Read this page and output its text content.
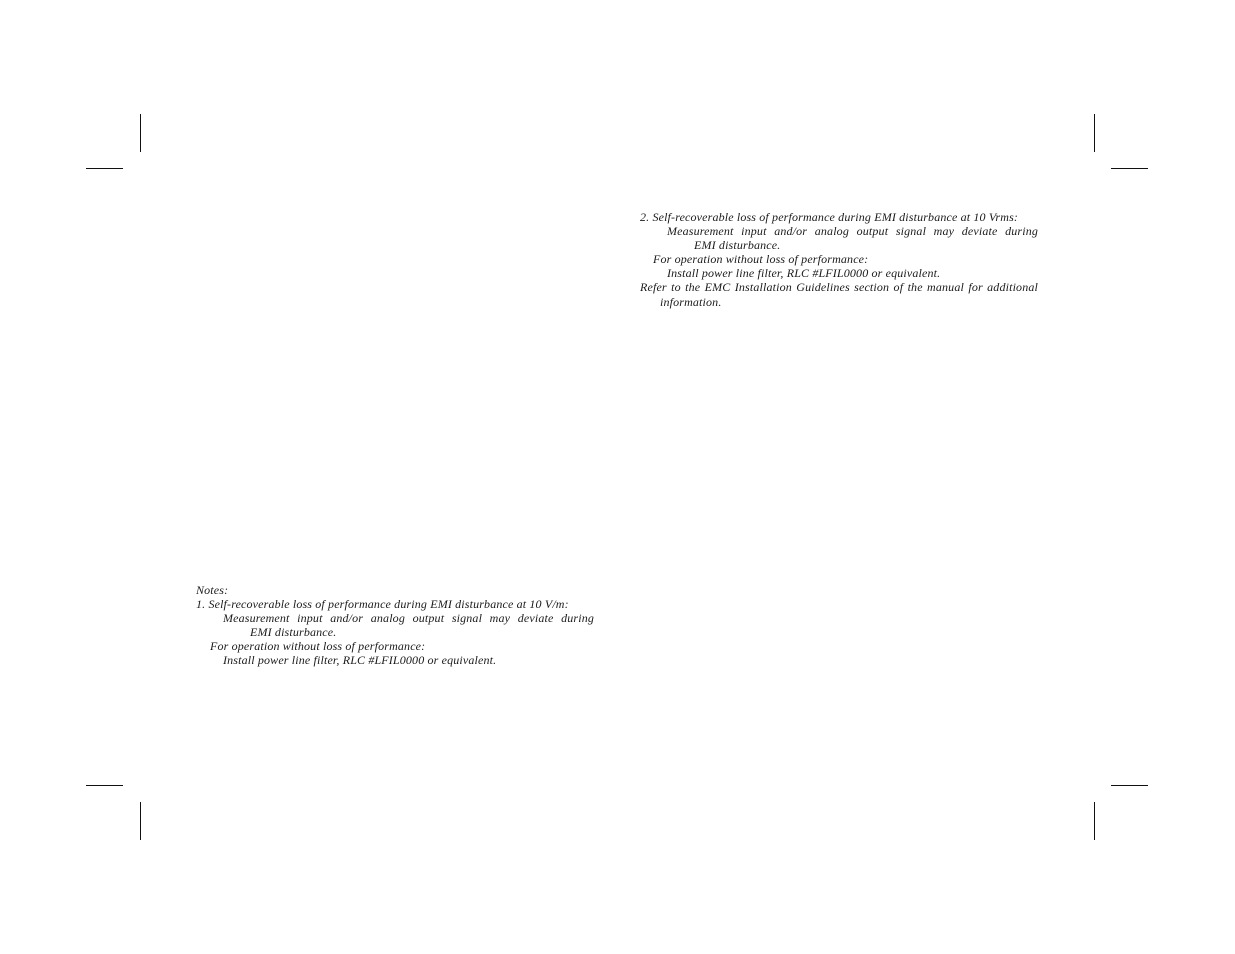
2. Self-recoverable loss of performance during EMI disturbance at 10 Vrms:

Measurement input and/or analog output signal may deviate during

EMI disturbance.

For operation without loss of performance:

Install power line filter, RLC #LFIL0000 or equivalent.

Refer to the EMC Installation Guidelines section of the manual for additional

information.

Notes:

1. Self-recoverable loss of performance during EMI disturbance at 10 V/m:

Measurement input and/or analog output signal may deviate during

EMI disturbance.

For operation without loss of performance:

Install power line filter, RLC #LFIL0000 or equivalent.
